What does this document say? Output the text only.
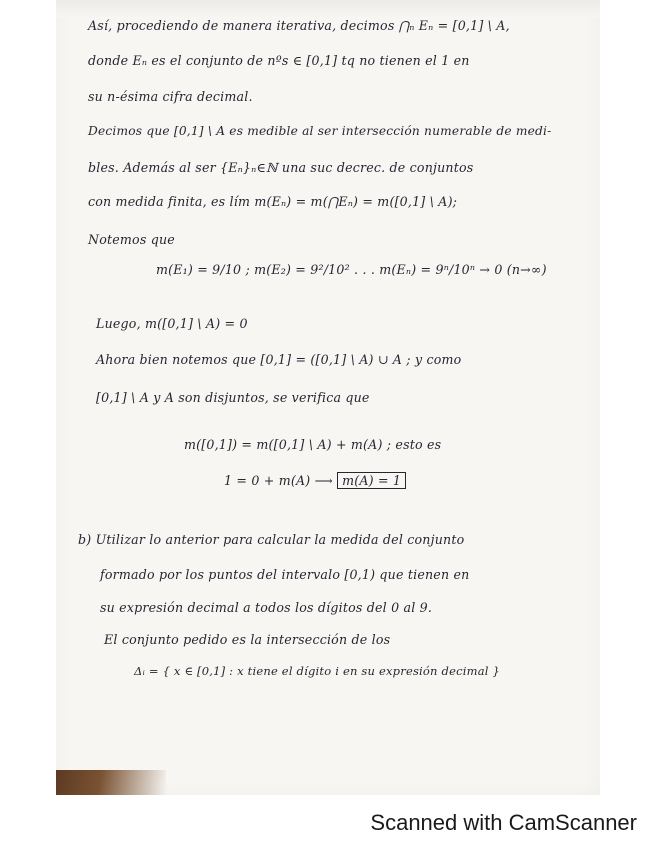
Así, procediendo de manera iterativa, decimos ⋂ₙ Eₙ = [0,1] \ A,
donde Eₙ es el conjunto de nºs ∈ [0,1] tq no tienen el 1 en
su n-ésima cifra decimal.
Decimos que [0,1] \ A es medible al ser intersección numerable de medi-
bles. Además al ser {Eₙ}ₙ∈ℕ una suc decrec. de conjuntos
con medida finita, es lím m(Eₙ) = m(⋂Eₙ) = m([0,1] \ A);
Notemos que
m(E₁) = 9/10 ; m(E₂) = 9²/10² . . . m(Eₙ) = 9ⁿ/10ⁿ → 0 (n→∞)
Luego, m([0,1] \ A) = 0
Ahora bien notemos que [0,1] = ([0,1] \ A) ∪ A ; y como
[0,1] \ A y A son disjuntos, se verifica que
m([0,1]) = m([0,1] \ A) + m(A) ; esto es
1 = 0 + m(A) ⟶ m(A) = 1
b) Utilizar lo anterior para calcular la medida del conjunto
formado por los puntos del intervalo [0,1) que tienen en
su expresión decimal a todos los dígitos del 0 al 9.
El conjunto pedido es la intersección de los
Δᵢ = { x ∈ [0,1] : x tiene el dígito i en su expresión decimal }
Scanned with CamScanner
